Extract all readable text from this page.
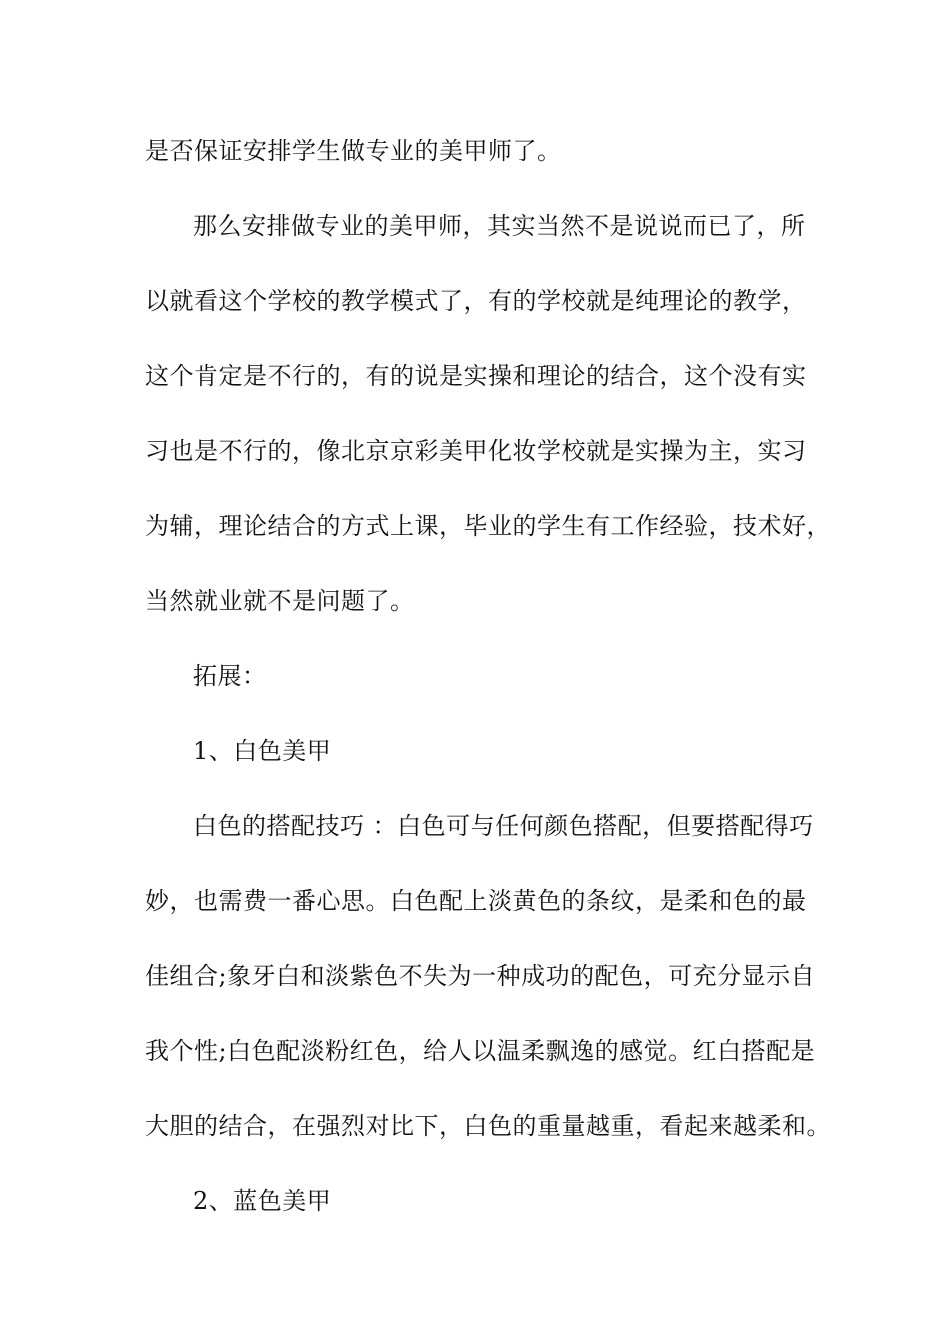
是否保证安排学生做专业的美甲师了。
那么安排做专业的美甲师，其实当然不是说说而已了，所
以就看这个学校的教学模式了，有的学校就是纯理论的教学，
这个肯定是不行的，有的说是实操和理论的结合，这个没有实
习也是不行的，像北京京彩美甲化妆学校就是实操为主，实习
为辅，理论结合的方式上课，毕业的学生有工作经验，技术好，
当然就业就不是问题了。
拓展：
1、白色美甲
白色的搭配技巧 ：白色可与任何颜色搭配，但要搭配得巧
妙，也需费一番心思。白色配上淡黄色的条纹，是柔和色的最
佳组合;象牙白和淡紫色不失为一种成功的配色，可充分显示自
我个性;白色配淡粉红色，给人以温柔飘逸的感觉。红白搭配是
大胆的结合，在强烈对比下，白色的重量越重，看起来越柔和。
2、蓝色美甲
